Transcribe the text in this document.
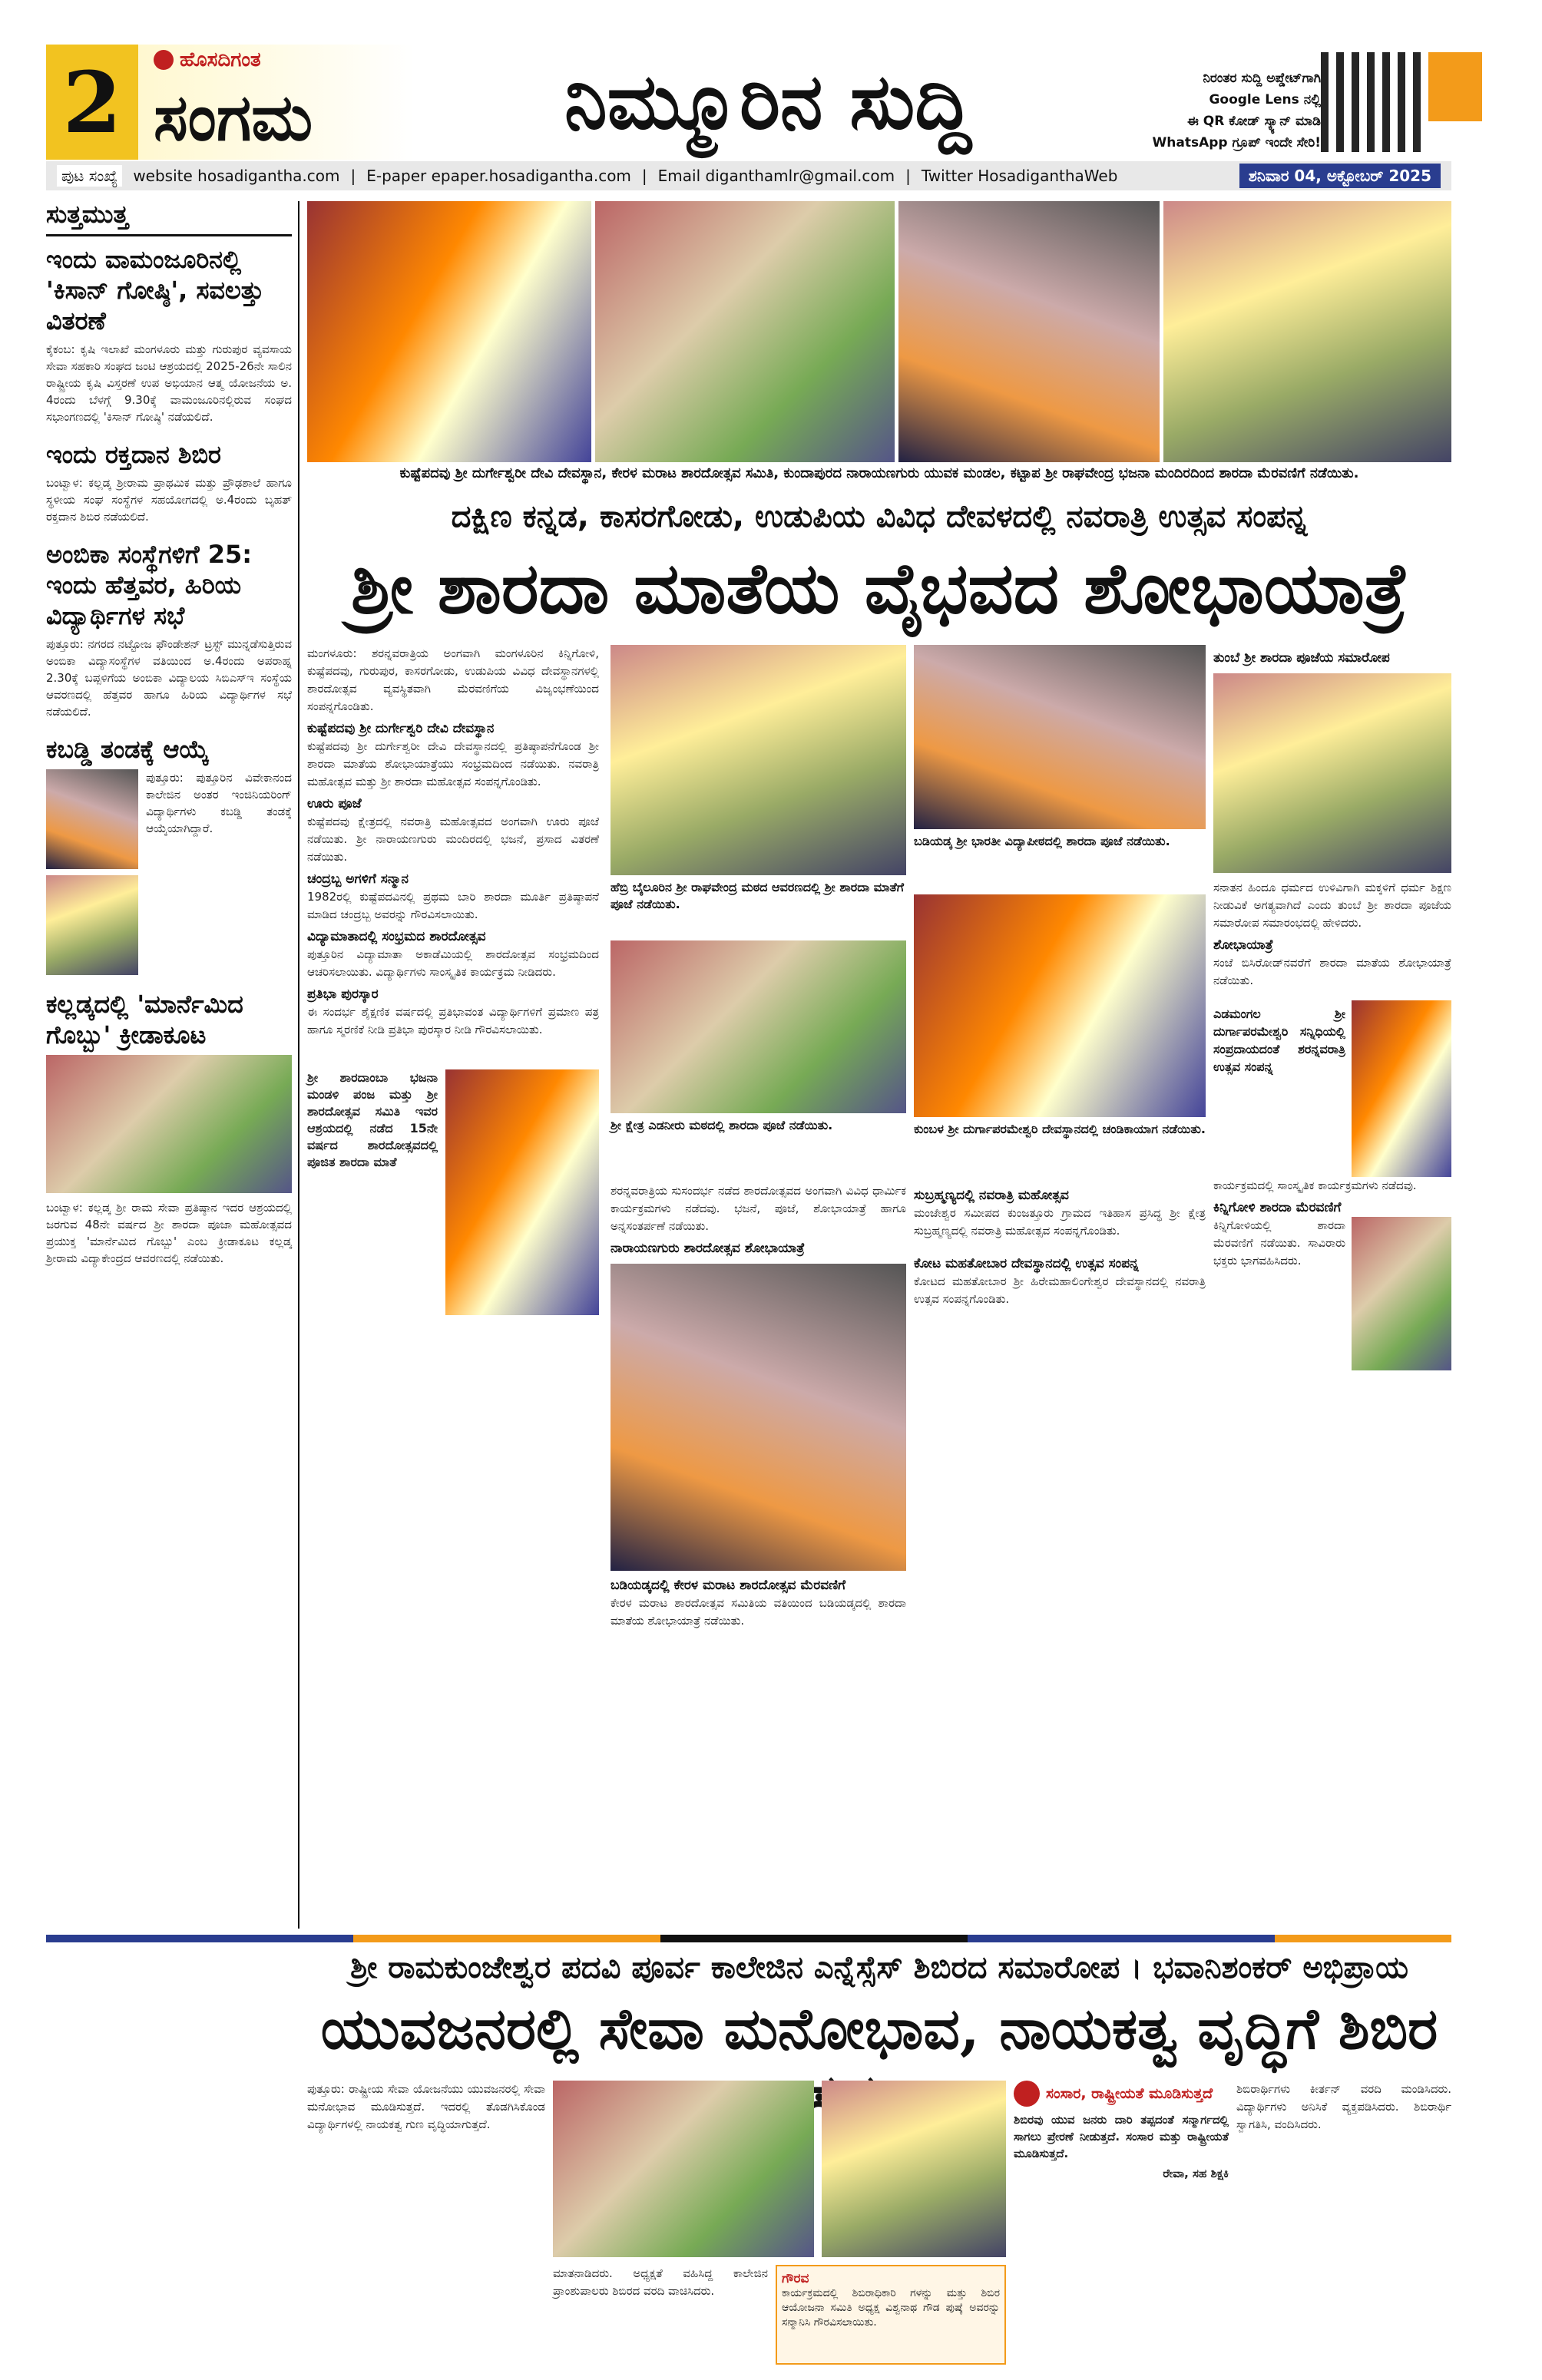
2	ಹೊಸದಿಗಂತ
ಸಂಗಮ	ನಿಮ್ಮೂರಿನ ಸುದ್ದಿ	ನಿರಂತರ ಸುದ್ದಿ ಅಪ್ಡೇಟ್‌ಗಾಗಿ
Google Lens ನಲ್ಲಿ
ಈ QR ಕೋಡ್ ಸ್ಕ್ಯಾನ್ ಮಾಡಿ
WhatsApp ಗ್ರೂಪ್ ಇಂದೇ ಸೇರಿ!
ಪುಟ ಸಂಖ್ಯೆ	website hosadigantha.com | E-paper epaper.hosadigantha.com | Email diganthamlr@gmail.com | Twitter HosadiganthaWeb	ಶನಿವಾರ 04, ಅಕ್ಟೋಬರ್ 2025
ಸುತ್ತಮುತ್ತ
ಇಂದು ವಾಮಂಜೂರಿನಲ್ಲಿ 'ಕಿಸಾನ್ ಗೋಷ್ಠಿ', ಸವಲತ್ತು ವಿತರಣೆ
ಕೈಕಂಬ: ಕೃಷಿ ಇಲಾಖೆ ಮಂಗಳೂರು ಮತ್ತು ಗುರುಪುರ ವ್ಯವಸಾಯ ಸೇವಾ ಸಹಕಾರಿ ಸಂಘದ ಜಂಟಿ ಆಶ್ರಯದಲ್ಲಿ 2025-26ನೇ ಸಾಲಿನ ರಾಷ್ಟ್ರೀಯ ಕೃಷಿ ವಿಸ್ತರಣೆ ಉಪ ಅಭಿಯಾನ ಆತ್ಮ ಯೋಜನೆಯ ಅ. 4ರಂದು ಬೆಳಗ್ಗೆ 9.30ಕ್ಕೆ ವಾಮಂಜೂರಿನಲ್ಲಿರುವ ಸಂಘದ ಸಭಾಂಗಣದಲ್ಲಿ 'ಕಿಸಾನ್ ಗೋಷ್ಠಿ' ನಡೆಯಲಿದೆ.
ಇಂದು ರಕ್ತದಾನ ಶಿಬಿರ
ಬಂಟ್ವಾಳ: ಕಲ್ಲಡ್ಕ ಶ್ರೀರಾಮ ಪ್ರಾಥಮಿಕ ಮತ್ತು ಪ್ರೌಢಶಾಲೆ ಹಾಗೂ ಸ್ಥಳೀಯ ಸಂಘ ಸಂಸ್ಥೆಗಳ ಸಹಯೋಗದಲ್ಲಿ ಅ.4ರಂದು ಬೃಹತ್ ರಕ್ತದಾನ ಶಿಬಿರ ನಡೆಯಲಿದೆ.
ಅಂಬಿಕಾ ಸಂಸ್ಥೆಗಳಿಗೆ 25: ಇಂದು ಹೆತ್ತವರ, ಹಿರಿಯ ವಿದ್ಯಾರ್ಥಿಗಳ ಸಭೆ
ಪುತ್ತೂರು: ನಗರದ ನಟ್ಟೋಜ ಫೌಂಡೇಶನ್ ಟ್ರಸ್ಟ್ ಮುನ್ನಡೆಸುತ್ತಿರುವ ಅಂಬಿಕಾ ವಿದ್ಯಾಸಂಸ್ಥೆಗಳ ವತಿಯಿಂದ ಅ.4ರಂದು ಅಪರಾಹ್ನ 2.30ಕ್ಕೆ ಬಪ್ಪಳಿಗೆಯ ಅಂಬಿಕಾ ವಿದ್ಯಾಲಯ ಸಿಬಿಎಸ್‌ಇ ಸಂಸ್ಥೆಯ ಆವರಣದಲ್ಲಿ ಹೆತ್ತವರ ಹಾಗೂ ಹಿರಿಯ ವಿದ್ಯಾರ್ಥಿಗಳ ಸಭೆ ನಡೆಯಲಿದೆ.
ಕಬಡ್ಡಿ ತಂಡಕ್ಕೆ ಆಯ್ಕೆ
ಪುತ್ತೂರು: ಪುತ್ತೂರಿನ ವಿವೇಕಾನಂದ ಕಾಲೇಜಿನ ಅಂತರ ಇಂಜಿನಿಯರಿಂಗ್ ವಿದ್ಯಾರ್ಥಿಗಳು ಕಬಡ್ಡಿ ತಂಡಕ್ಕೆ ಆಯ್ಕೆಯಾಗಿದ್ದಾರೆ.
ಕಲ್ಲಡ್ಕದಲ್ಲಿ 'ಮಾರ್ನೆಮಿದ ಗೊಬ್ಬು' ಕ್ರೀಡಾಕೂಟ
ಬಂಟ್ವಾಳ: ಕಲ್ಲಡ್ಕ ಶ್ರೀ ರಾಮ ಸೇವಾ ಪ್ರತಿಷ್ಠಾನ ಇದರ ಆಶ್ರಯದಲ್ಲಿ ಜರಗುವ 48ನೇ ವರ್ಷದ ಶ್ರೀ ಶಾರದಾ ಪೂಜಾ ಮಹೋತ್ಸವದ ಪ್ರಯುಕ್ತ 'ಮಾರ್ನೆಮಿದ ಗೊಬ್ಬು' ಎಂಬ ಕ್ರೀಡಾಕೂಟ ಕಲ್ಲಡ್ಕ ಶ್ರೀರಾಮ ವಿದ್ಯಾಕೇಂದ್ರದ ಆವರಣದಲ್ಲಿ ನಡೆಯಿತು.
ಕುಷ್ಟೆಪದವು ಶ್ರೀ ದುರ್ಗೇಶ್ವರೀ ದೇವಿ ದೇವಸ್ಥಾನ, ಕೇರಳ ಮರಾಟ ಶಾರದೋತ್ಸವ ಸಮಿತಿ, ಕುಂದಾಪುರದ ನಾರಾಯಣಗುರು ಯುವಕ ಮಂಡಲ, ಕಟ್ಟಾಪ ಶ್ರೀ ರಾಘವೇಂದ್ರ ಭಜನಾ ಮಂದಿರದಿಂದ ಶಾರದಾ ಮೆರವಣಿಗೆ ನಡೆಯಿತು.
ದಕ್ಷಿಣ ಕನ್ನಡ, ಕಾಸರಗೋಡು, ಉಡುಪಿಯ ವಿವಿಧ ದೇವಳದಲ್ಲಿ ನವರಾತ್ರಿ ಉತ್ಸವ ಸಂಪನ್ನ
ಶ್ರೀ ಶಾರದಾ ಮಾತೆಯ ವೈಭವದ ಶೋಭಾಯಾತ್ರೆ
ಮಂಗಳೂರು: ಶರನ್ನವರಾತ್ರಿಯ ಅಂಗವಾಗಿ ಮಂಗಳೂರಿನ ಕಿನ್ನಿಗೋಳಿ, ಕುಷ್ಟೆಪದವು, ಗುರುಪುರ, ಕಾಸರಗೋಡು, ಉಡುಪಿಯ ವಿವಿಧ ದೇವಸ್ಥಾನಗಳಲ್ಲಿ ಶಾರದೋತ್ಸವ ವ್ಯವಸ್ಥಿತವಾಗಿ ಮೆರವಣಿಗೆಯ ವಿಜೃಂಭಣೆಯಿಂದ ಸಂಪನ್ನಗೊಂಡಿತು.
ಕುಷ್ಟೆಪದವು ಶ್ರೀ ದುರ್ಗೇಶ್ವರಿ ದೇವಿ ದೇವಸ್ಥಾನ
ಕುಷ್ಟೆಪದವು ಶ್ರೀ ದುರ್ಗೇಶ್ವರೀ ದೇವಿ ದೇವಸ್ಥಾನದಲ್ಲಿ ಪ್ರತಿಷ್ಠಾಪನೆಗೊಂಡ ಶ್ರೀ ಶಾರದಾ ಮಾತೆಯ ಶೋಭಾಯಾತ್ರೆಯು ಸಂಭ್ರಮದಿಂದ ನಡೆಯಿತು. ನವರಾತ್ರಿ ಮಹೋತ್ಸವ ಮತ್ತು ಶ್ರೀ ಶಾರದಾ ಮಹೋತ್ಸವ ಸಂಪನ್ನಗೊಂಡಿತು.
ಊರು ಪೂಜೆ
ಕುಷ್ಟೆಪದವು ಕ್ಷೇತ್ರದಲ್ಲಿ ನವರಾತ್ರಿ ಮಹೋತ್ಸವದ ಅಂಗವಾಗಿ ಊರು ಪೂಜೆ ನಡೆಯಿತು. ಶ್ರೀ ನಾರಾಯಣಗುರು ಮಂದಿರದಲ್ಲಿ ಭಜನೆ, ಪ್ರಸಾದ ವಿತರಣೆ ನಡೆಯಿತು.
ಚಂದ್ರಬ್ಬ ಅಗಳಿಗೆ ಸನ್ಮಾನ
1982ರಲ್ಲಿ ಕುಷ್ಟೆಪದವಿನಲ್ಲಿ ಪ್ರಥಮ ಬಾರಿ ಶಾರದಾ ಮೂರ್ತಿ ಪ್ರತಿಷ್ಠಾಪನೆ ಮಾಡಿದ ಚಂದ್ರಬ್ಬ ಅವರನ್ನು ಗೌರವಿಸಲಾಯಿತು.
ವಿದ್ಯಾಮಾತಾದಲ್ಲಿ ಸಂಭ್ರಮದ ಶಾರದೋತ್ಸವ
ಪುತ್ತೂರಿನ ವಿದ್ಯಾಮಾತಾ ಅಕಾಡೆಮಿಯಲ್ಲಿ ಶಾರದೋತ್ಸವ ಸಂಭ್ರಮದಿಂದ ಆಚರಿಸಲಾಯಿತು. ವಿದ್ಯಾರ್ಥಿಗಳು ಸಾಂಸ್ಕೃತಿಕ ಕಾರ್ಯಕ್ರಮ ನೀಡಿದರು.
ಪ್ರತಿಭಾ ಪುರಸ್ಕಾರ
ಈ ಸಂದರ್ಭ ಶೈಕ್ಷಣಿಕ ವರ್ಷದಲ್ಲಿ ಪ್ರತಿಭಾವಂತ ವಿದ್ಯಾರ್ಥಿಗಳಿಗೆ ಪ್ರಮಾಣ ಪತ್ರ ಹಾಗೂ ಸ್ಮರಣಿಕೆ ನೀಡಿ ಪ್ರತಿಭಾ ಪುರಸ್ಕಾರ ನೀಡಿ ಗೌರವಿಸಲಾಯಿತು.
ಶ್ರೀ ಶಾರದಾಂಬಾ ಭಜನಾ ಮಂಡಳಿ ಪಂಜ ಮತ್ತು ಶ್ರೀ ಶಾರದೋತ್ಸವ ಸಮಿತಿ ಇವರ ಆಶ್ರಯದಲ್ಲಿ ನಡೆದ 15ನೇ ವರ್ಷದ ಶಾರದೋತ್ಸವದಲ್ಲಿ ಪೂಜಿತ ಶಾರದಾ ಮಾತೆ
ಹೆಬ್ರಿ ಬೈಲೂರಿನ ಶ್ರೀ ರಾಘವೇಂದ್ರ ಮಠದ ಆವರಣದಲ್ಲಿ ಶ್ರೀ ಶಾರದಾ ಮಾತೆಗೆ ಪೂಜೆ ನಡೆಯಿತು.
ಬಡಿಯಡ್ಕ ಶ್ರೀ ಭಾರತೀ ವಿದ್ಯಾಪೀಠದಲ್ಲಿ ಶಾರದಾ ಪೂಜೆ ನಡೆಯಿತು.
ಶ್ರೀ ಕ್ಷೇತ್ರ ಎಡನೀರು ಮಠದಲ್ಲಿ ಶಾರದಾ ಪೂಜೆ ನಡೆಯಿತು.	ಕುಂಬಳ ಶ್ರೀ ದುರ್ಗಾಪರಮೇಶ್ವರಿ ದೇವಸ್ಥಾನದಲ್ಲಿ ಚಂಡಿಕಾಯಾಗ ನಡೆಯಿತು.
ಶರನ್ನವರಾತ್ರಿಯ ಸುಸಂದರ್ಭ ನಡೆದ ಶಾರದೋತ್ಸವದ ಅಂಗವಾಗಿ ವಿವಿಧ ಧಾರ್ಮಿಕ ಕಾರ್ಯಕ್ರಮಗಳು ನಡೆದವು. ಭಜನೆ, ಪೂಜೆ, ಶೋಭಾಯಾತ್ರೆ ಹಾಗೂ ಅನ್ನಸಂತರ್ಪಣೆ ನಡೆಯಿತು.
ನಾರಾಯಣಗುರು ಶಾರದೋತ್ಸವ ಶೋಭಾಯಾತ್ರೆ
ಬಡಿಯಡ್ಕದಲ್ಲಿ ಕೇರಳ ಮರಾಟ ಶಾರದೋತ್ಸವ ಮೆರವಣಿಗೆ
ಕೇರಳ ಮರಾಟ ಶಾರದೋತ್ಸವ ಸಮಿತಿಯ ವತಿಯಿಂದ ಬಡಿಯಡ್ಕದಲ್ಲಿ ಶಾರದಾ ಮಾತೆಯ ಶೋಭಾಯಾತ್ರೆ ನಡೆಯಿತು.
ಸುಬ್ರಹ್ಮಣ್ಯದಲ್ಲಿ ನವರಾತ್ರಿ ಮಹೋತ್ಸವ
ಮಂಜೇಶ್ವರ ಸಮೀಪದ ಕುಂಜತ್ತೂರು ಗ್ರಾಮದ ಇತಿಹಾಸ ಪ್ರಸಿದ್ಧ ಶ್ರೀ ಕ್ಷೇತ್ರ ಸುಬ್ರಹ್ಮಣ್ಯದಲ್ಲಿ ನವರಾತ್ರಿ ಮಹೋತ್ಸವ ಸಂಪನ್ನಗೊಂಡಿತು.
ಕೋಟ ಮಹತೋಬಾರ ದೇವಸ್ಥಾನದಲ್ಲಿ ಉತ್ಸವ ಸಂಪನ್ನ
ಕೋಟದ ಮಹತೋಬಾರ ಶ್ರೀ ಹಿರೇಮಹಾಲಿಂಗೇಶ್ವರ ದೇವಸ್ಥಾನದಲ್ಲಿ ನವರಾತ್ರಿ ಉತ್ಸವ ಸಂಪನ್ನಗೊಂಡಿತು.
ತುಂಬೆ ಶ್ರೀ ಶಾರದಾ ಪೂಜೆಯ ಸಮಾರೋಪ
ಸನಾತನ ಹಿಂದೂ ಧರ್ಮದ ಉಳಿವಿಗಾಗಿ ಮಕ್ಕಳಿಗೆ ಧರ್ಮ ಶಿಕ್ಷಣ ನೀಡುವಿಕೆ ಅಗತ್ಯವಾಗಿದೆ ಎಂದು ತುಂಬೆ ಶ್ರೀ ಶಾರದಾ ಪೂಜೆಯ ಸಮಾರೋಪ ಸಮಾರಂಭದಲ್ಲಿ ಹೇಳಿದರು.
ಶೋಭಾಯಾತ್ರೆ
ಸಂಜೆ ಬಿಸಿರೋಡ್‌ನವರೆಗೆ ಶಾರದಾ ಮಾತೆಯ ಶೋಭಾಯಾತ್ರೆ ನಡೆಯಿತು.
ಎಡಮಂಗಲ ಶ್ರೀ ದುರ್ಗಾಪರಮೇಶ್ವರಿ ಸನ್ನಿಧಿಯಲ್ಲಿ ಸಂಪ್ರದಾಯದಂತೆ ಶರನ್ನವರಾತ್ರಿ ಉತ್ಸವ ಸಂಪನ್ನ
ಕಾರ್ಯಕ್ರಮದಲ್ಲಿ ಸಾಂಸ್ಕೃತಿಕ ಕಾರ್ಯಕ್ರಮಗಳು ನಡೆದವು.
ಕಿನ್ನಿಗೋಳಿ ಶಾರದಾ ಮೆರವಣಿಗೆ
ಕಿನ್ನಿಗೋಳಿಯಲ್ಲಿ ಶಾರದಾ ಮೆರವಣಿಗೆ ನಡೆಯಿತು. ಸಾವಿರಾರು ಭಕ್ತರು ಭಾಗವಹಿಸಿದರು.
ಶ್ರೀ ರಾಮಕುಂಜೇಶ್ವರ ಪದವಿ ಪೂರ್ವ ಕಾಲೇಜಿನ ಎನ್ನೆಸ್ಸೆಸ್ ಶಿಬಿರದ ಸಮಾರೋಪ । ಭವಾನಿಶಂಕರ್ ಅಭಿಪ್ರಾಯ
ಯುವಜನರಲ್ಲಿ ಸೇವಾ ಮನೋಭಾವ, ನಾಯಕತ್ವ ವೃದ್ಧಿಗೆ ಶಿಬಿರ
ಪುತ್ತೂರು: ರಾಷ್ಟ್ರೀಯ ಸೇವಾ ಯೋಜನೆಯು ಯುವಜನರಲ್ಲಿ ಸೇವಾ ಮನೋಭಾವ ಮೂಡಿಸುತ್ತದೆ. ಇದರಲ್ಲಿ ತೊಡಗಿಸಿಕೊಂಡ ವಿದ್ಯಾರ್ಥಿಗಳಲ್ಲಿ ನಾಯಕತ್ವ ಗುಣ ವೃದ್ಧಿಯಾಗುತ್ತದೆ.
ಮಾತನಾಡಿದರು. ಅಧ್ಯಕ್ಷತೆ ವಹಿಸಿದ್ದ ಕಾಲೇಜಿನ ಪ್ರಾಂಶುಪಾಲರು ಶಿಬಿರದ ವರದಿ ವಾಚಿಸಿದರು.
ಗೌರವ
ಕಾರ್ಯಕ್ರಮದಲ್ಲಿ ಶಿಬಿರಾಧಿಕಾರಿ ಗಳನ್ನು ಮತ್ತು ಶಿಬಿರ ಆಯೋಜನಾ ಸಮಿತಿ ಅಧ್ಯಕ್ಷ ವಿಶ್ವನಾಥ ಗೌಡ ಪುಷ್ಕೆ ಅವರನ್ನು ಸನ್ಮಾನಿಸಿ ಗೌರವಿಸಲಾಯಿತು.
ಸಂಸಾರ, ರಾಷ್ಟ್ರೀಯತೆ ಮೂಡಿಸುತ್ತದೆ
ಶಿಬಿರವು ಯುವ ಜನರು ದಾರಿ ತಪ್ಪದಂತೆ ಸನ್ಮಾರ್ಗದಲ್ಲಿ ಸಾಗಲು ಪ್ರೇರಣೆ ನೀಡುತ್ತದೆ. ಸಂಸಾರ ಮತ್ತು ರಾಷ್ಟ್ರೀಯತೆ ಮೂಡಿಸುತ್ತದೆ.
ರೇವಾ, ಸಹ ಶಿಕ್ಷಕಿ
ಶಿಬಿರಾರ್ಥಿಗಳು ಕೀರ್ತನ್ ವರದಿ ಮಂಡಿಸಿದರು. ವಿದ್ಯಾರ್ಥಿಗಳು ಅನಿಸಿಕೆ ವ್ಯಕ್ತಪಡಿಸಿದರು. ಶಿಬಿರಾರ್ಥಿ ಸ್ವಾಗತಿಸಿ, ವಂದಿಸಿದರು.
